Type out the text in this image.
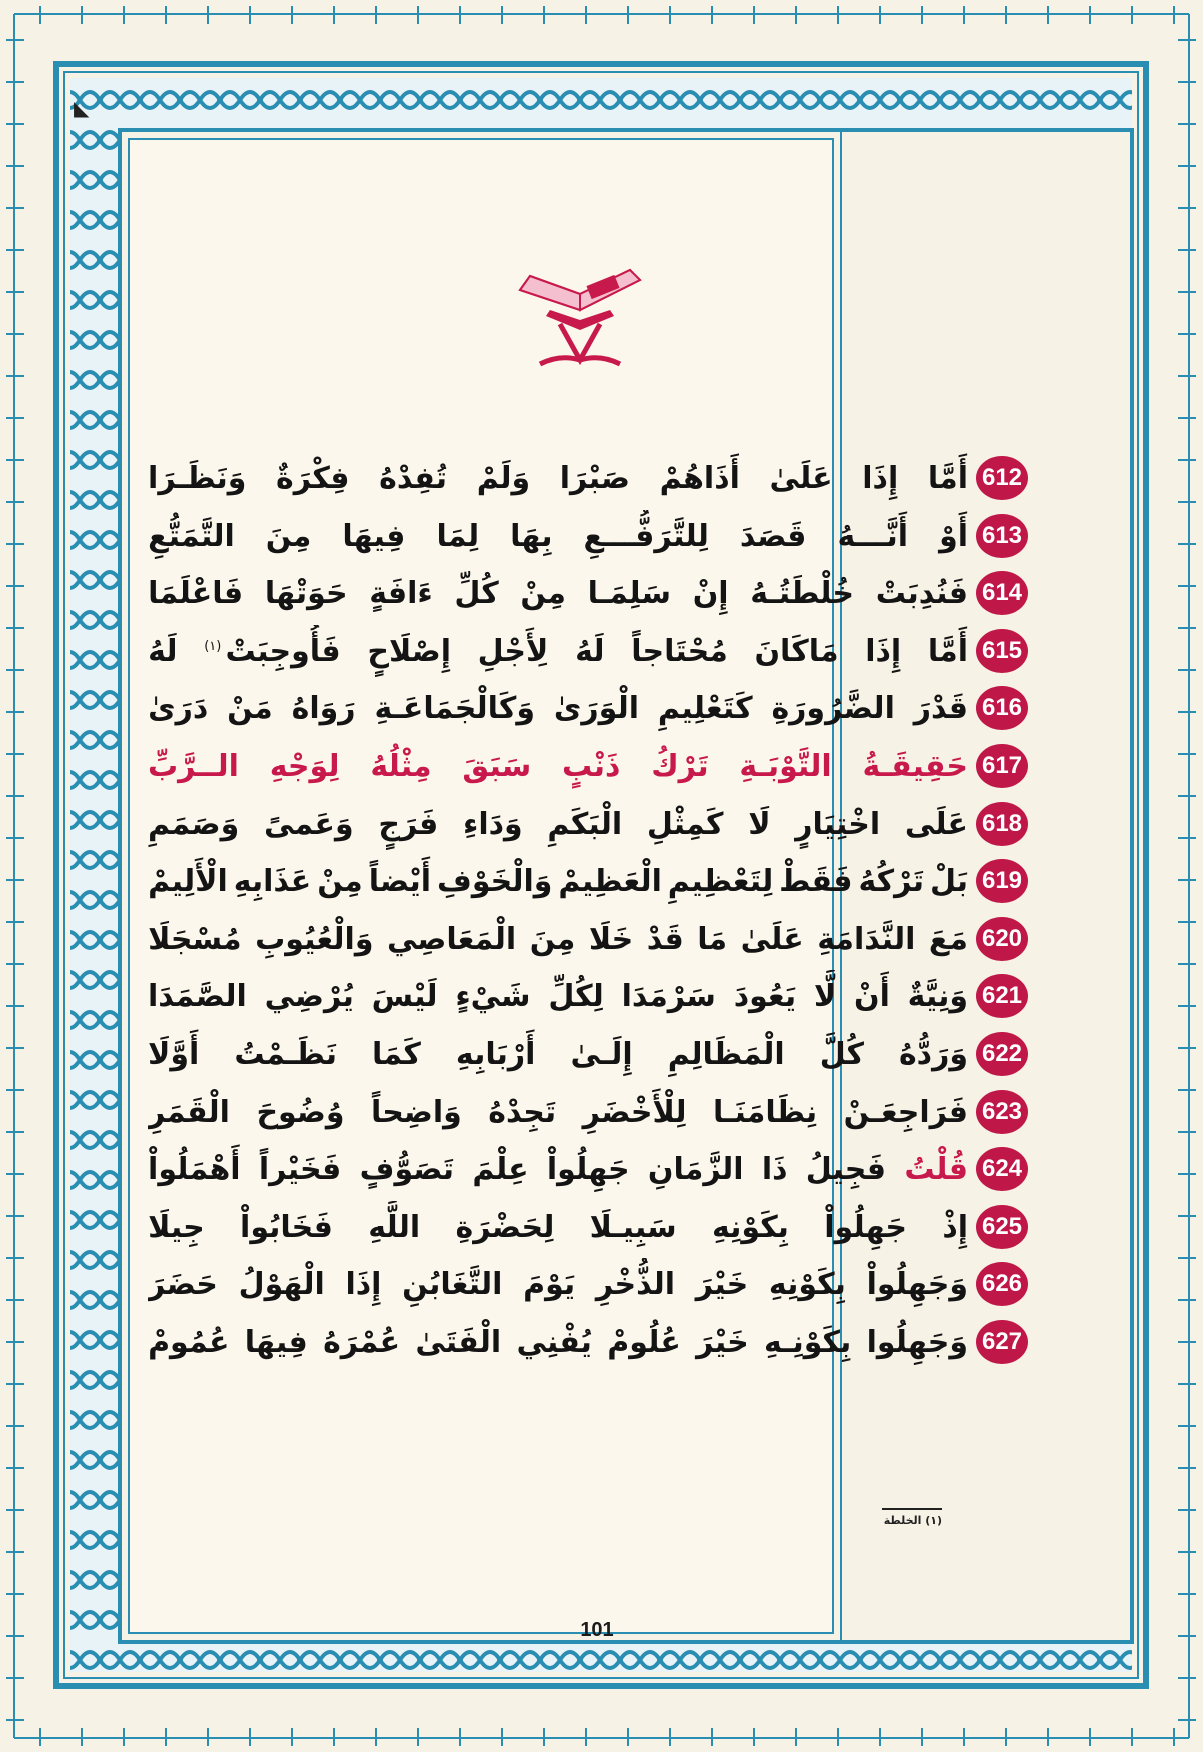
◣
612
أَمَّا
إِذَا
عَلَىٰ
أَذَاهُمْ
صَبْرَا
وَلَمْ
تُفِدْهُ
فِكْرَةٌ
وَنَظَـرَا
613
أَوْ
أَنَّـــهُ
قَصَدَ
لِلتَّرَفُّـــعِ
بِهَا
لِمَا
فِيهَا
مِنَ
التَّمَتُّعِ
614
فَنُدِبَتْ
خُلْطَتُـهُ
إِنْ
سَلِمَـا
مِنْ
كُلِّ
ءَافَةٍ
حَوَتْهَا
فَاعْلَمَا
615
أَمَّا
إِذَا
مَاكَانَ
مُحْتَاجاً
لَهُ
لِأَجْلِ
إِصْلَاحٍ
فَأُوجِبَتْ $^{(١)}$
لَهُ
616
قَدْرَ
الضَّرُورَةِ
كَتَعْلِيمِ
الْوَرَىٰ
وَكَالْجَمَاعَـةِ
رَوَاهُ
مَنْ
دَرَىٰ
617
حَقِيقَـةُ
التَّوْبَـةِ
تَرْكُ
ذَنْبٍ
سَبَقَ
مِثْلُهُ
لِوَجْهِ
الــرَّبِّ
618
عَلَى
اخْتِيَارٍ
لَا
كَمِثْلِ
الْبَكَمِ
وَدَاءِ
فَرَجٍ
وَعَمىً
وَصَمَمِ
619
بَلْ
تَرْكُهُ
فَقَطْ
لِتَعْظِيمِ
الْعَظِيمْ
وَالْخَوْفِ
أَيْضاً
مِنْ
عَذَابِهِ
الْأَلِيمْ
620
مَعَ
النَّدَامَةِ
عَلَىٰ
مَا
قَدْ
خَلَا
مِنَ
الْمَعَاصِي
وَالْعُيُوبِ
مُسْجَلَا
621
وَنِيَّةٌ
أَنْ
لَّا
يَعُودَ
سَرْمَدَا
لِكُلِّ
شَيْءٍ
لَيْسَ
يُرْضِي
الصَّمَدَا
622
وَرَدُّهُ
كُلَّ
الْمَظَالِمِ
إِلَـىٰ
أَرْبَابِهِ
كَمَا
نَظَـمْتُ
أَوَّلَا
623
فَرَاجِعَـنْ
نِظَامَنَـا
لِلْأَخْضَرِ
تَجِدْهُ
وَاضِحاً
وُضُوحَ
الْقَمَرِ
624
قُلْتُ
فَجِيلُ
ذَا
الزَّمَانِ
جَهِلُواْ
عِلْمَ
تَصَوُّفٍ
فَخَيْراً
أَهْمَلُواْ
625
إِذْ
جَهِلُواْ
بِكَوْنِهِ
سَبِيـلَا
لِحَضْرَةِ
اللَّهِ
فَخَابُواْ
جِيلَا
626
وَجَهِلُواْ
بِكَوْنِهِ
خَيْرَ
الذُّخْرِ
يَوْمَ
التَّغَابُنِ
إِذَا
الْهَوْلُ
حَضَرَ
627
وَجَهِلُوا
بِكَوْنِـهِ
خَيْرَ
عُلُومْ
يُفْنِي
الْفَتَىٰ
عُمْرَهُ
فِيهَا
عُمُومْ
(١) الخلطة
101
